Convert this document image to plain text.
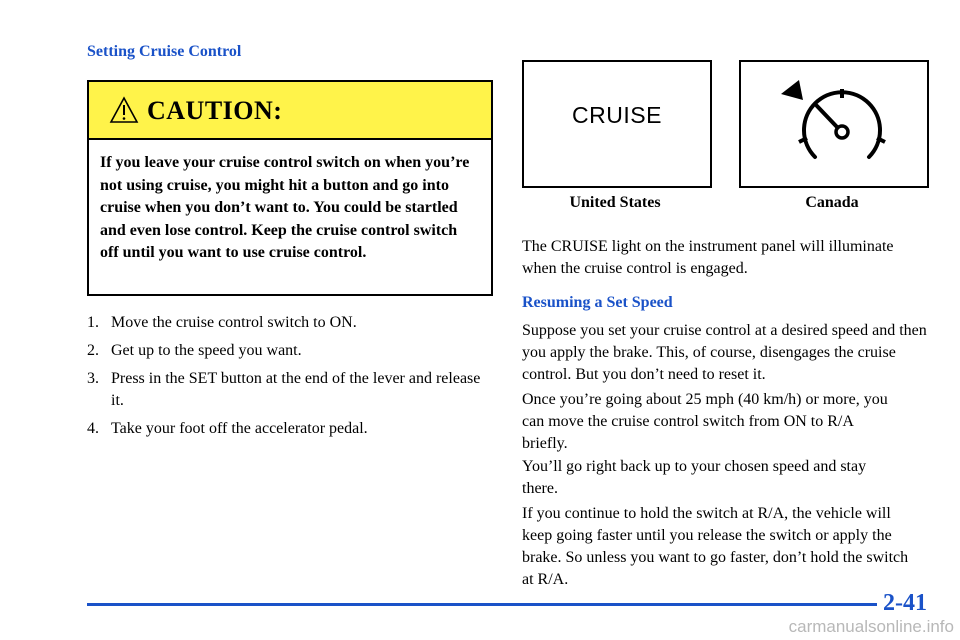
Setting Cruise Control
CAUTION:

If you leave your cruise control switch on when you’re not using cruise, you might hit a button and go into cruise when you don’t want to. You could be startled and even lose control. Keep the cruise control switch off until you want to use cruise control.

1. Move the cruise control switch to ON.
2. Get up to the speed you want.
3. Press in the SET button at the end of the lever and release it.
4. Take your foot off the accelerator pedal.
CRUISE
United States	Canada

The CRUISE light on the instrument panel will illuminate when the cruise control is engaged.

Resuming a Set Speed

Suppose you set your cruise control at a desired speed and then you apply the brake. This, of course, disengages the cruise control. But you don’t need to reset it.

Once you’re going about 25 mph (40 km/h) or more, you can move the cruise control switch from ON to R/A briefly.

You’ll go right back up to your chosen speed and stay there.

If you continue to hold the switch at R/A, the vehicle will keep going faster until you release the switch or apply the brake. So unless you want to go faster, don’t hold the switch at R/A.

2-41
carmanualsonline.info
